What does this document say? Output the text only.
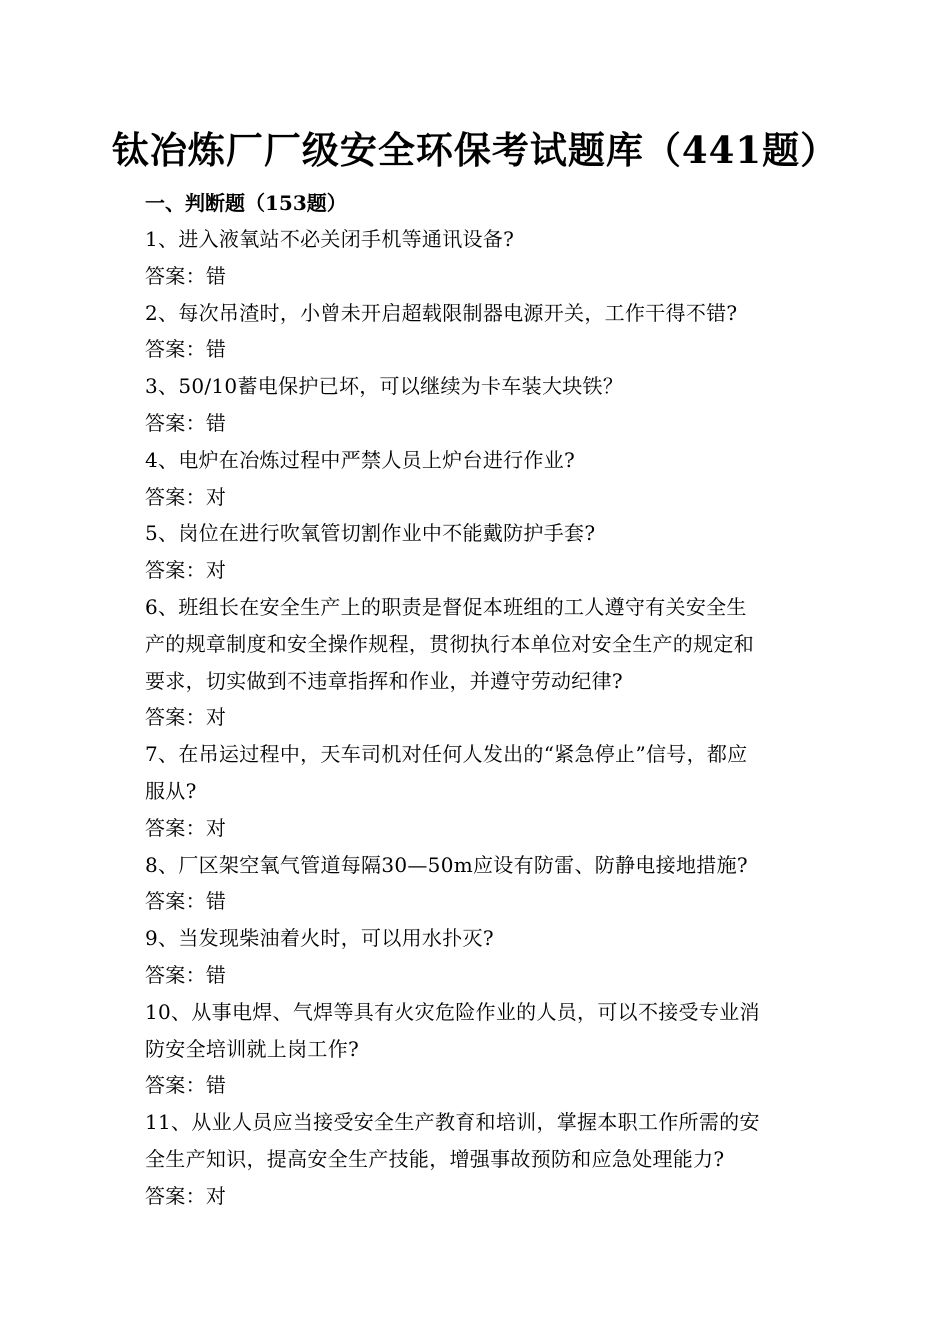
钛冶炼厂厂级安全环保考试题库（441题）
一、判断题（153题）
1、进入液氧站不必关闭手机等通讯设备?
答案：错
2、每次吊渣时，小曾未开启超载限制器电源开关，工作干得不错?
答案：错
3、50/10蓄电保护已坏，可以继续为卡车装大块铁？
答案：错
4、电炉在冶炼过程中严禁人员上炉台进行作业?
答案：对
5、岗位在进行吹氧管切割作业中不能戴防护手套?
答案：对
6、班组长在安全生产上的职责是督促本班组的工人遵守有关安全生
产的规章制度和安全操作规程，贯彻执行本单位对安全生产的规定和
要求，切实做到不违章指挥和作业，并遵守劳动纪律?
答案：对
7、在吊运过程中，天车司机对任何人发出的“紧急停止”信号，都应
服从?
答案：对
8、厂区架空氧气管道每隔30—50m应设有防雷、防静电接地措施?
答案：错
9、当发现柴油着火时，可以用水扑灭?
答案：错
10、从事电焊、气焊等具有火灾危险作业的人员，可以不接受专业消
防安全培训就上岗工作?
答案：错
11、从业人员应当接受安全生产教育和培训，掌握本职工作所需的安
全生产知识，提高安全生产技能，增强事故预防和应急处理能力?
答案：对
